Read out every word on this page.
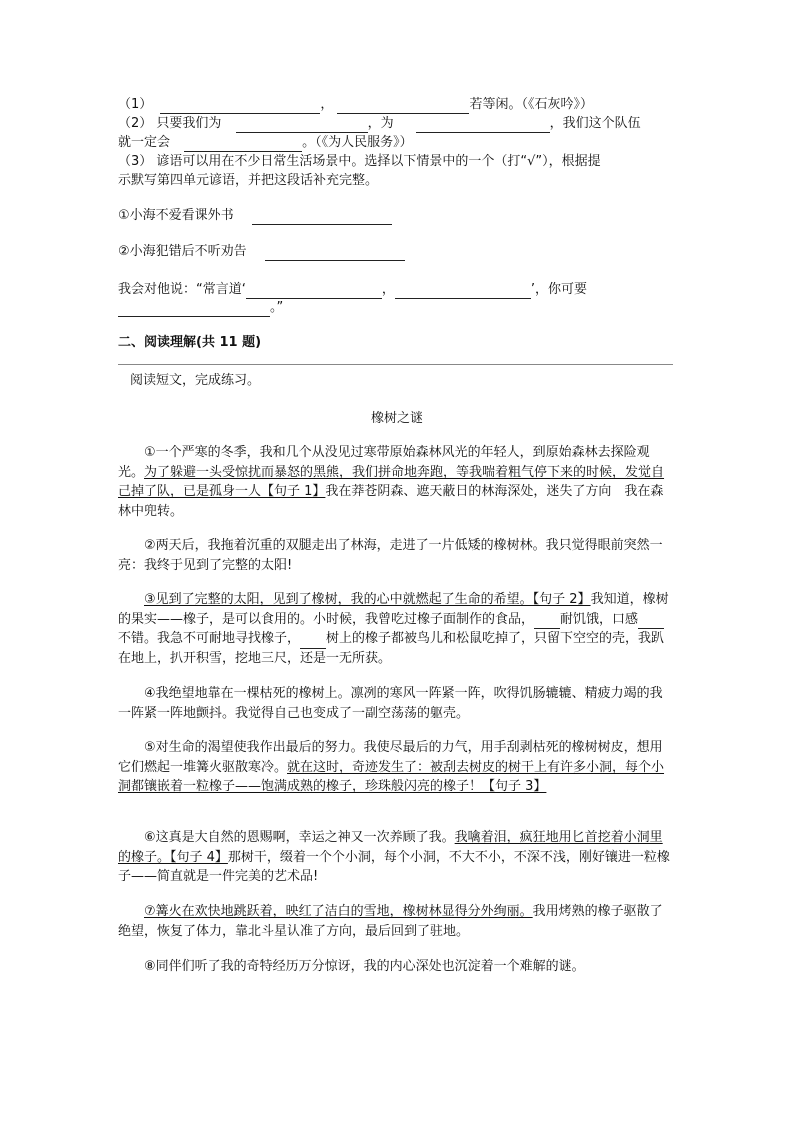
（1）	，	若等闲。（《石灰吟》）
（2） 只要我们为	，为	，我们这个队伍
就一定会	。（《为人民服务》）
（3） 谚语可以用在不少日常生活场景中。选择以下情景中的一个（打“√”），根据提
示默写第四单元谚语，并把这段话补充完整。
①小海不爱看课外书
②小海犯错后不听劝告
我会对他说：“常言道‘	，	’，你可要
。”
二、阅读理解(共 11 题)
阅读短文，完成练习。
橡树之谜
①一个严寒的冬季，我和几个从没见过寒带原始森林风光的年轻人，到原始森林去探险观光。为了躲避一头受惊扰而暴怒的黑熊，我们拼命地奔跑，等我喘着粗气停下来的时候，发觉自己掉了队，已是孤身一人【句子 1】我在莽苍阴森、遮天蔽日的林海深处，迷失了方向　我在森林中兜转。
②两天后，我拖着沉重的双腿走出了林海，走进了一片低矮的橡树林。我只觉得眼前突然一亮：我终于见到了完整的太阳!
③见到了完整的太阳，见到了橡树，我的心中就燃起了生命的希望。【句子 2】我知道，橡树的果实——橡子，是可以食用的。小时候，我曾吃过橡子面制作的食品， 耐饥饿，口感不错。我急不可耐地寻找橡子， 树上的橡子都被鸟儿和松鼠吃掉了，只留下空空的壳，我趴在地上，扒开积雪，挖地三尺，还是一无所获。
④我绝望地靠在一棵枯死的橡树上。凛冽的寒风一阵紧一阵，吹得饥肠辘辘、精疲力竭的我一阵紧一阵地颤抖。我觉得自己也变成了一副空荡荡的躯壳。
⑤对生命的渴望使我作出最后的努力。我使尽最后的力气，用手刮剥枯死的橡树树皮，想用它们燃起一堆篝火驱散寒冷。就在这时，奇迹发生了：被刮去树皮的树干上有许多小洞，每个小洞都镶嵌着一粒橡子——饱满成熟的橡子，珍珠般闪亮的橡子！【句子 3】
⑥这真是大自然的恩赐啊，幸运之神又一次养顾了我。我噙着泪，疯狂地用匕首挖着小洞里的橡子。【句子 4】那树干，缀着一个个小洞，每个小洞，不大不小，不深不浅，刚好镶进一粒橡子——简直就是一件完美的艺术品!
⑦篝火在欢快地跳跃着，映红了洁白的雪地，橡树林显得分外绚丽。我用烤熟的橡子驱散了绝望，恢复了体力，靠北斗星认准了方向，最后回到了驻地。
⑧同伴们听了我的奇特经历万分惊讶，我的内心深处也沉淀着一个难解的谜。
